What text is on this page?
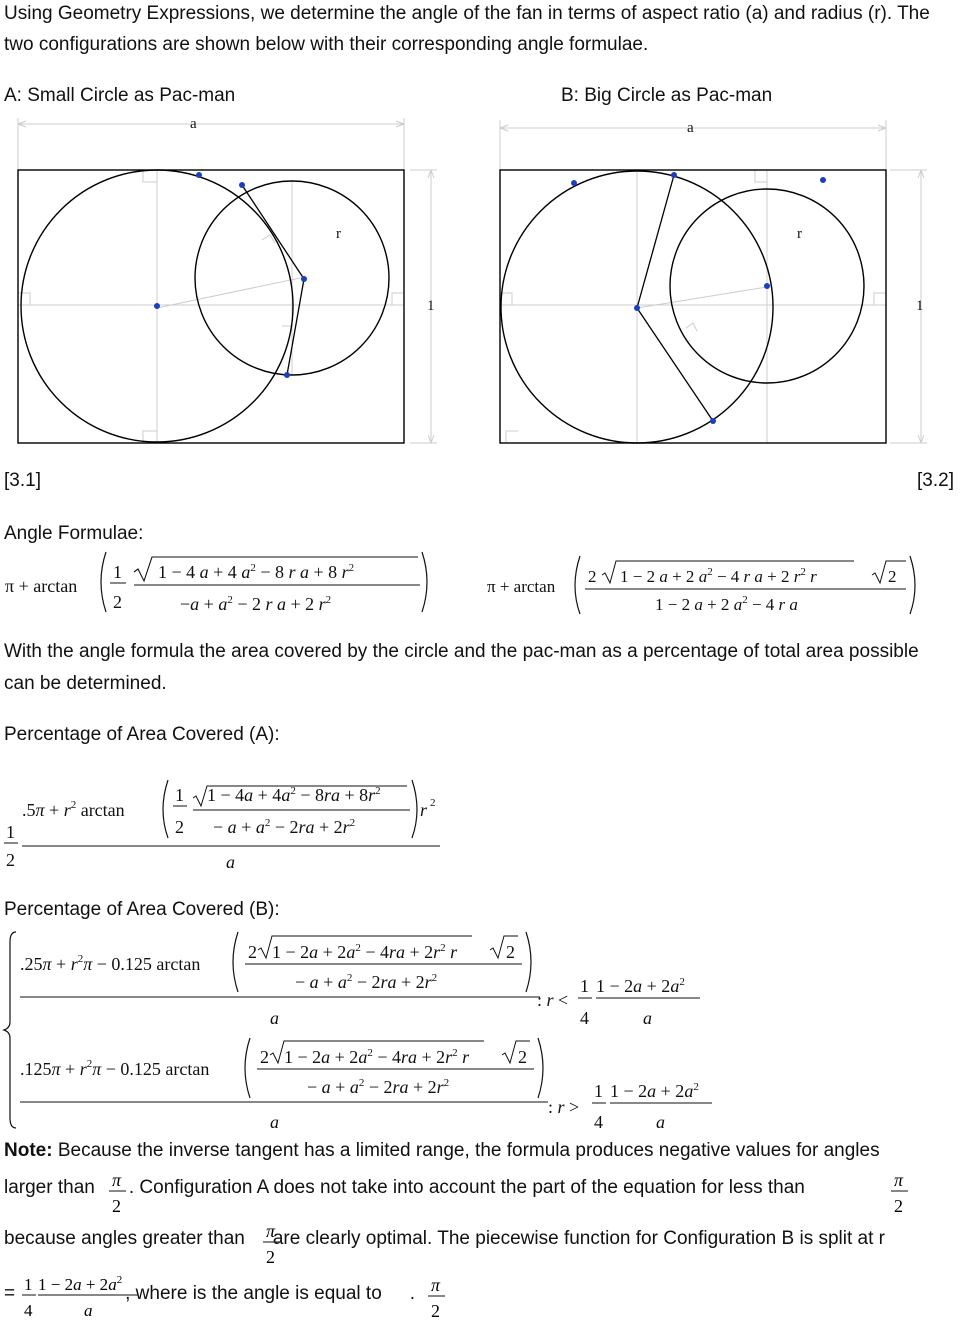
Using Geometry Expressions, we determine the angle of the fan in terms of aspect ratio (a) and radius (r). The two configurations are shown below with their corresponding angle formulae.
A: Small Circle as Pac-man	B: Big Circle as Pac-man
a
r
1
a
r
1
[3.1]	[3.2]
Angle Formulae:
π + arctan
1
2
1 − 4 a + 4 $a^2 - 8$ r a + 8 $r^2$
$-a + a^2 - 2$ r a + 2 $r^2$
π + arctan
2 1 − 2 a + 2 $a^2 - 4$ r a + 2 $r^2$ r	2
1 − 2 a + 2 $a^2 - 4$ r a
With the angle formula the area covered by the circle and the pac-man as a percentage of total area possible can be determined.
Percentage of Area Covered (A):
1
2
$.5\pi + r^2$ arctan
1
2
$1 - 4a + 4a^2 - 8ra + 8r^2$
− $a + a^2 - 2ra + 2r^2$
r 2
a
Percentage of Area Covered (B):
$.25\pi + r^2\pi - 0.125$ arctan
2 $1 - 2a + 2a^2 - 4ra + 2r^2$ r	2
− $a + a^2 - 2ra + 2r^2$
a
: r <
1
4
$1 - 2a + 2a^2$
a
$.125\pi + r^2\pi - 0.125$ arctan
2 $1 - 2a + 2a^2 - 4ra + 2r^2$ r	2
− $a + a^2 - 2ra + 2r^2$
a
: r >
1
4
$1 - 2a + 2a^2$
a
Note: Because the inverse tangent has a limited range, the formula produces negative values for angles
larger than . Configuration A does not take into account the part of the equation for less than
π
2
π
2
because angles greater than are clearly optimal. The piecewise function for Configuration B is split at r
π
2
=	, where is the angle is equal to .
1
4
$1 - 2a + 2a^2$
a
π
2
